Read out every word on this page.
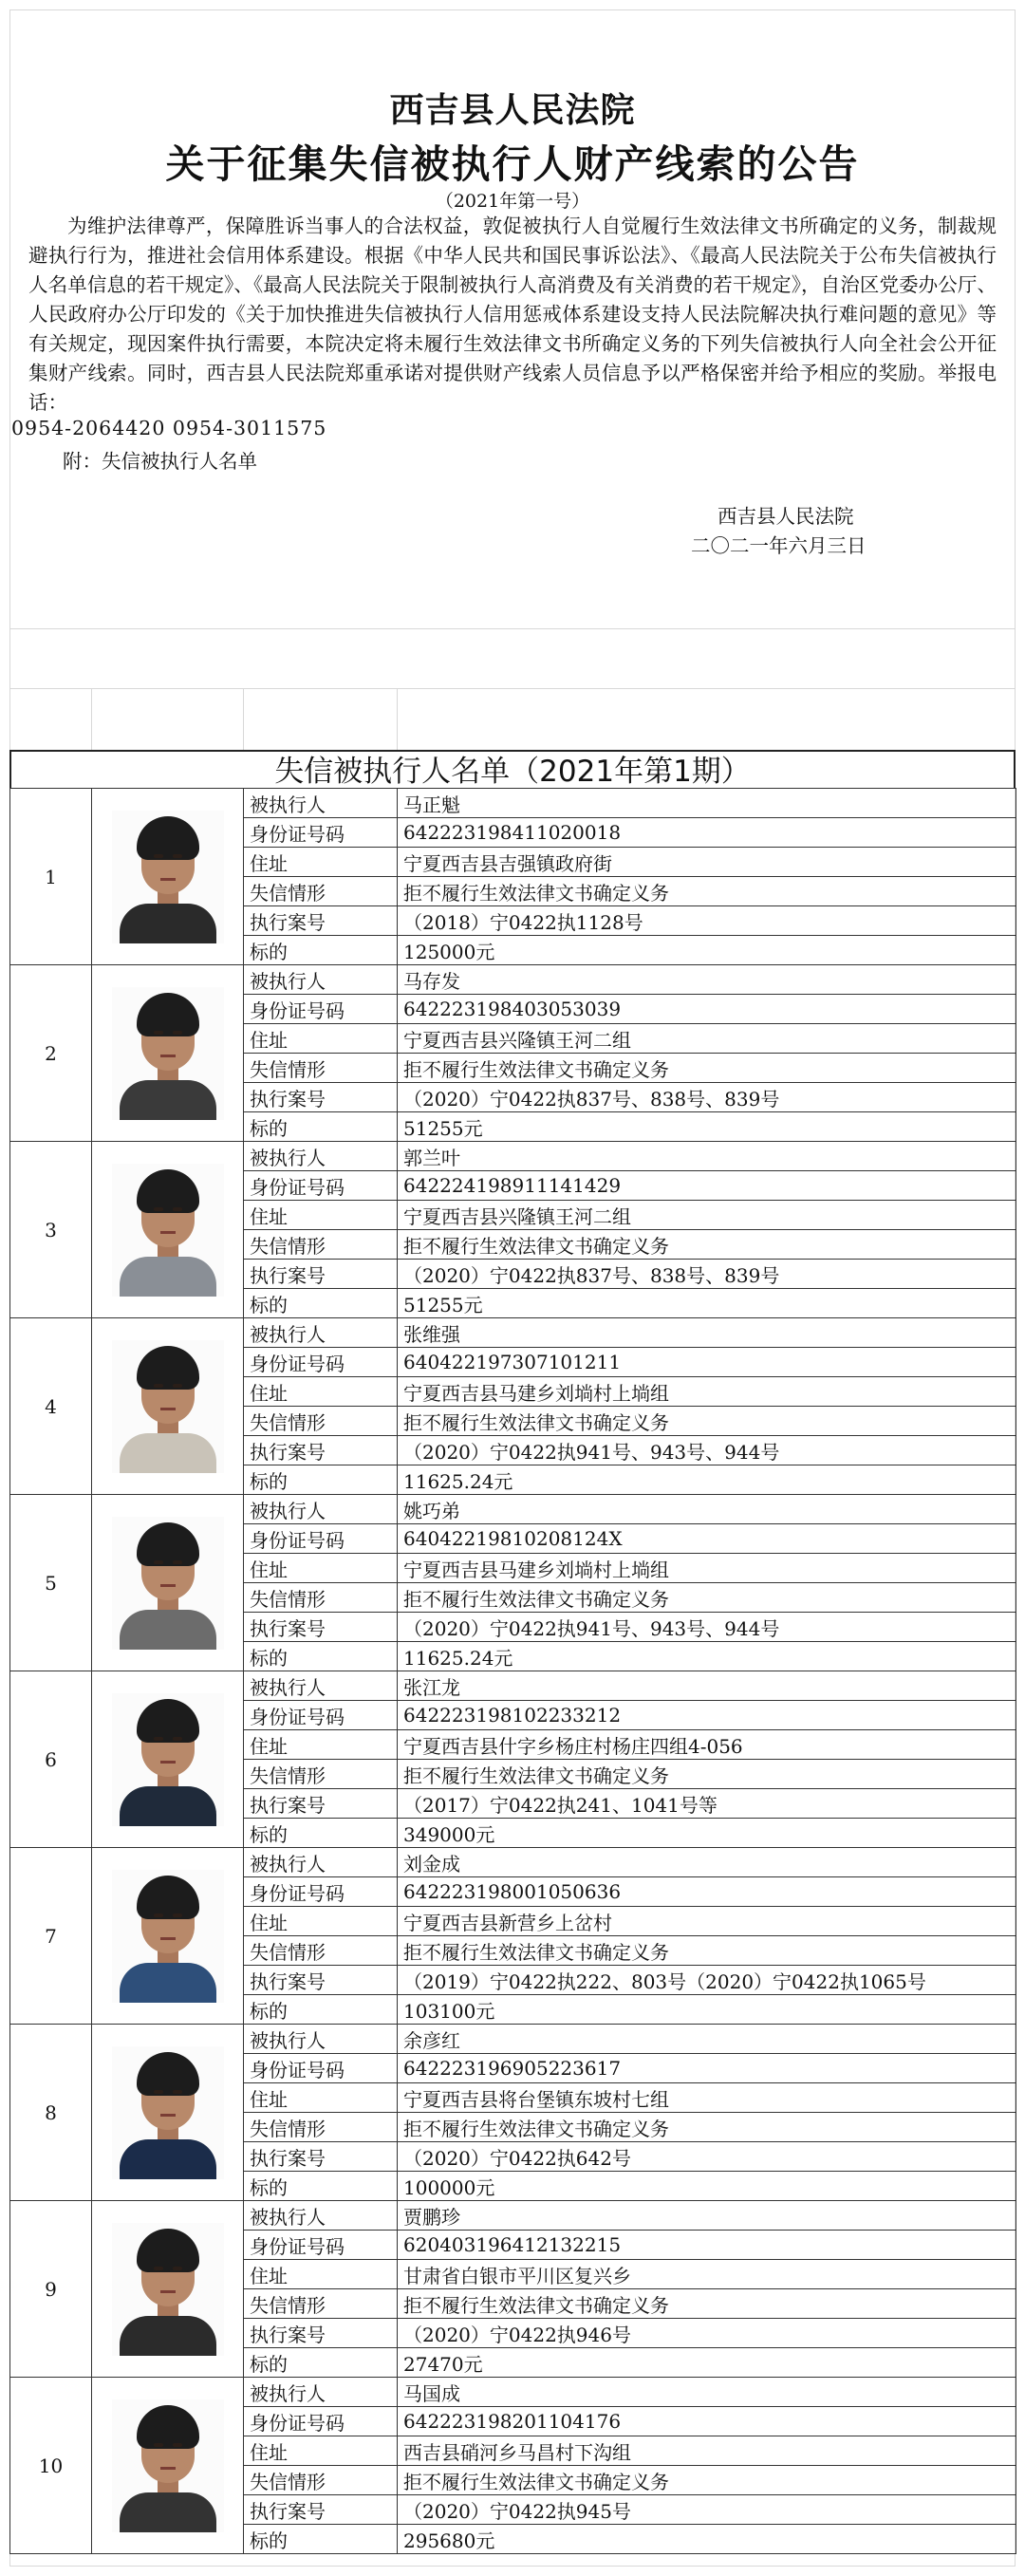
西吉县人民法院
关于征集失信被执行人财产线索的公告
（2021年第一号）
为维护法律尊严，保障胜诉当事人的合法权益，敦促被执行人自觉履行生效法律文书所确定的义务，制裁规避执行行为，推进社会信用体系建设。根据《中华人民共和国民事诉讼法》、《最高人民法院关于公布失信被执行人名单信息的若干规定》、《最高人民法院关于限制被执行人高消费及有关消费的若干规定》，自治区党委办公厅、人民政府办公厅印发的《关于加快推进失信被执行人信用惩戒体系建设支持人民法院解决执行难问题的意见》等有关规定，现因案件执行需要，本院决定将未履行生效法律文书所确定义务的下列失信被执行人向全社会公开征集财产线索。同时，西吉县人民法院郑重承诺对提供财产线索人员信息予以严格保密并给予相应的奖励。举报电话：
0954-2064420 0954-3011575
附：失信被执行人名单
西吉县人民法院
二〇二一年六月三日
失信被执行人名单（2021年第1期）
1		被执行人	马正魁
		身份证号码	642223198411020018
		住址	宁夏西吉县吉强镇政府街
		失信情形	拒不履行生效法律文书确定义务
		执行案号	（2018）宁0422执1128号
		标的	125000元
2		被执行人	马存发
		身份证号码	642223198403053039
		住址	宁夏西吉县兴隆镇王河二组
		失信情形	拒不履行生效法律文书确定义务
		执行案号	（2020）宁0422执837号、838号、839号
		标的	51255元
3		被执行人	郭兰叶
		身份证号码	642224198911141429
		住址	宁夏西吉县兴隆镇王河二组
		失信情形	拒不履行生效法律文书确定义务
		执行案号	（2020）宁0422执837号、838号、839号
		标的	51255元
4		被执行人	张维强
		身份证号码	640422197307101211
		住址	宁夏西吉县马建乡刘埫村上埫组
		失信情形	拒不履行生效法律文书确定义务
		执行案号	（2020）宁0422执941号、943号、944号
		标的	11625.24元
5		被执行人	姚巧弟
		身份证号码	64042219810208124X
		住址	宁夏西吉县马建乡刘埫村上埫组
		失信情形	拒不履行生效法律文书确定义务
		执行案号	（2020）宁0422执941号、943号、944号
		标的	11625.24元
6		被执行人	张江龙
		身份证号码	642223198102233212
		住址	宁夏西吉县什字乡杨庄村杨庄四组4-056
		失信情形	拒不履行生效法律文书确定义务
		执行案号	（2017）宁0422执241、1041号等
		标的	349000元
7		被执行人	刘金成
		身份证号码	642223198001050636
		住址	宁夏西吉县新营乡上岔村
		失信情形	拒不履行生效法律文书确定义务
		执行案号	（2019）宁0422执222、803号（2020）宁0422执1065号
		标的	103100元
8		被执行人	余彦红
		身份证号码	642223196905223617
		住址	宁夏西吉县将台堡镇东坡村七组
		失信情形	拒不履行生效法律文书确定义务
		执行案号	（2020）宁0422执642号
		标的	100000元
9		被执行人	贾鹏珍
		身份证号码	620403196412132215
		住址	甘肃省白银市平川区复兴乡
		失信情形	拒不履行生效法律文书确定义务
		执行案号	（2020）宁0422执946号
		标的	27470元
10		被执行人	马国成
		身份证号码	642223198201104176
		住址	西吉县硝河乡马昌村下沟组
		失信情形	拒不履行生效法律文书确定义务
		执行案号	（2020）宁0422执945号
		标的	295680元
